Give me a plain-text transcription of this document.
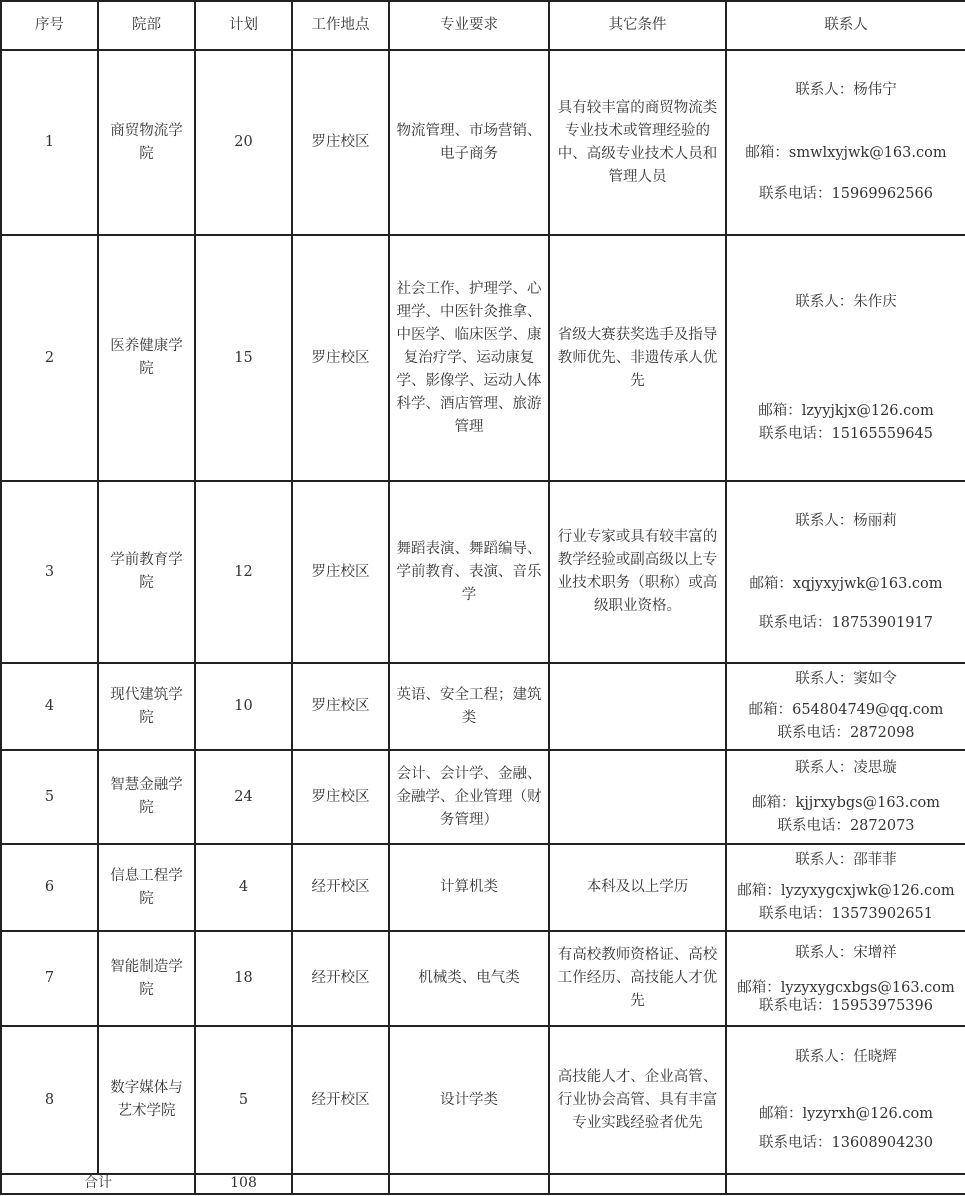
序号	院部	计划	工作地点	专业要求	其它条件	联系人
1	商贸物流学院	20	罗庄校区	物流管理、市场营销、电子商务	具有较丰富的商贸物流类专业技术或管理经验的中、高级专业技术人员和管理人员	联系人：杨伟宁
邮箱：smwlxyjwk@163.com
联系电话：15969962566

2	医养健康学院	15	罗庄校区	社会工作、护理学、心理学、中医针灸推拿、中医学、临床医学、康复治疗学、运动康复学、影像学、运动人体科学、酒店管理、旅游管理	省级大赛获奖选手及指导教师优先、非遗传承人优先	联系人：朱作庆
邮箱：lzyyjkjx@126.com
联系电话：15165559645

3	学前教育学院	12	罗庄校区	舞蹈表演、舞蹈编导、学前教育、表演、音乐学	行业专家或具有较丰富的教学经验或副高级以上专业技术职务（职称）或高级职业资格。	联系人：杨丽莉
邮箱：xqjyxyjwk@163.com
联系电话：18753901917

4	现代建筑学院	10	罗庄校区	英语、安全工程；建筑类		联系人：窦如令
邮箱：654804749@qq.com
联系电话：2872098

5	智慧金融学院	24	罗庄校区	会计、会计学、金融、金融学、企业管理（财务管理）		联系人：凌思璇
邮箱：kjjrxybgs@163.com
联系电话：2872073

6	信息工程学院	4	经开校区	计算机类	本科及以上学历	联系人：邵菲菲
邮箱：lyzyxygcxjwk@126.com
联系电话：13573902651

7	智能制造学院	18	经开校区	机械类、电气类	有高校教师资格证、高校工作经历、高技能人才优先	联系人：宋增祥
邮箱：lyzyxygcxbgs@163.com
联系电话：15953975396

8	数字媒体与艺术学院	5	经开校区	设计学类	高技能人才、企业高管、行业协会高管、具有丰富专业实践经验者优先	联系人：任晓辉
邮箱：lyzyrxh@126.com
联系电话：13608904230

合计		108				
